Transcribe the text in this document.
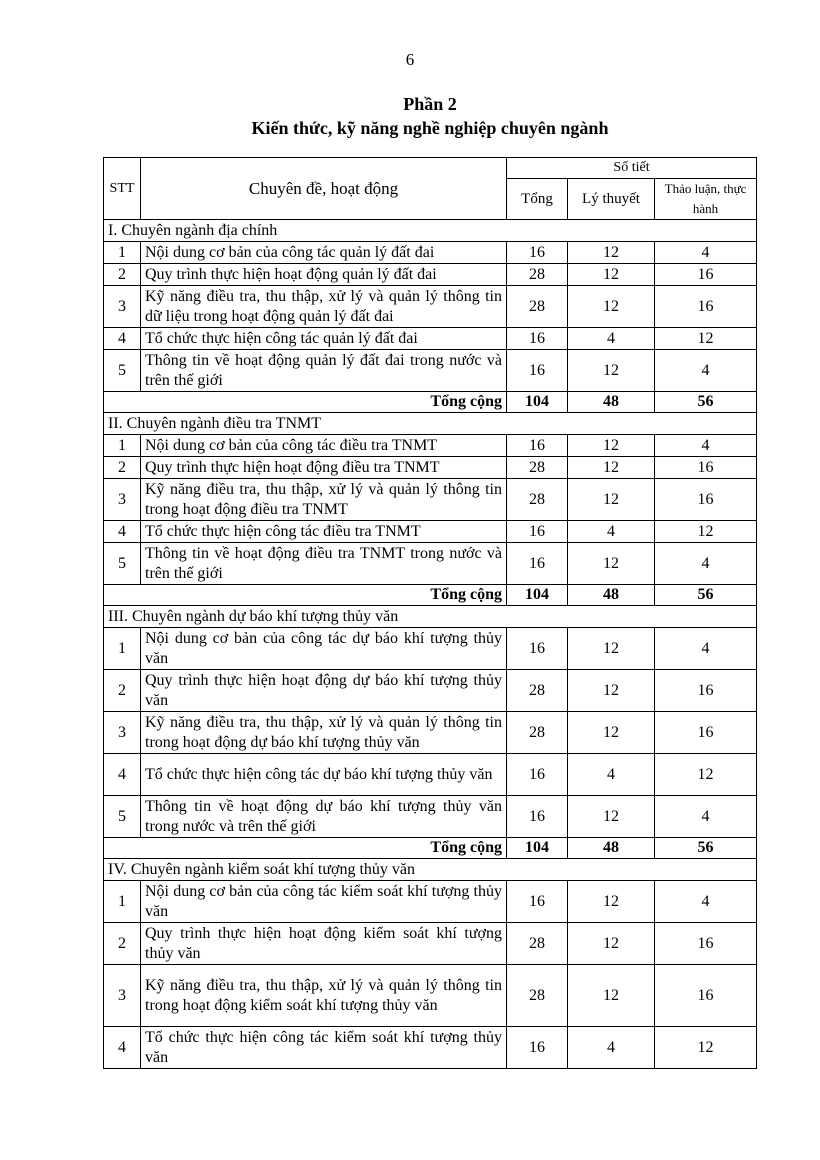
6
Phần 2
Kiến thức, kỹ năng nghề nghiệp chuyên ngành
STT	Chuyên đề, hoạt động	Số tiết		
		Tổng	Lý thuyết	Thảo luận, thực hành
I. Chuyên ngành địa chính				
1	Nội dung cơ bản của công tác quản lý đất đai	16	12	4
2	Quy trình thực hiện hoạt động quản lý đất đai	28	12	16
3	Kỹ năng điều tra, thu thập, xử lý và quản lý thông tin dữ liệu trong hoạt động quản lý đất đai	28	12	16
4	Tổ chức thực hiện công tác quản lý đất đai	16	4	12
5	Thông tin về hoạt động quản lý đất đai trong nước và trên thế giới	16	12	4
Tổng cộng		104	48	56
II. Chuyên ngành điều tra TNMT				
1	Nội dung cơ bản của công tác điều tra TNMT	16	12	4
2	Quy trình thực hiện hoạt động điều tra TNMT	28	12	16
3	Kỹ năng điều tra, thu thập, xử lý và quản lý thông tin trong hoạt động điều tra TNMT	28	12	16
4	Tổ chức thực hiện công tác điều tra TNMT	16	4	12
5	Thông tin về hoạt động điều tra TNMT trong nước và trên thế giới	16	12	4
Tổng cộng		104	48	56
III. Chuyên ngành dự báo khí tượng thủy văn				
1	Nội dung cơ bản của công tác dự báo khí tượng thủy văn	16	12	4
2	Quy trình thực hiện hoạt động dự báo khí tượng thủy văn	28	12	16
3	Kỹ năng điều tra, thu thập, xử lý và quản lý thông tin trong hoạt động dự báo khí tượng thủy văn	28	12	16
4	Tổ chức thực hiện công tác dự báo khí tượng thủy văn	16	4	12
5	Thông tin về hoạt động dự báo khí tượng thủy văn trong nước và trên thế giới	16	12	4
Tổng cộng		104	48	56
IV. Chuyên ngành kiểm soát khí tượng thủy văn				
1	Nội dung cơ bản của công tác kiểm soát khí tượng thủy văn	16	12	4
2	Quy trình thực hiện hoạt động kiểm soát khí tượng thủy văn	28	12	16
3	Kỹ năng điều tra, thu thập, xử lý và quản lý thông tin trong hoạt động kiểm soát khí tượng thủy văn	28	12	16
4	Tổ chức thực hiện công tác kiểm soát khí tượng thủy văn	16	4	12
